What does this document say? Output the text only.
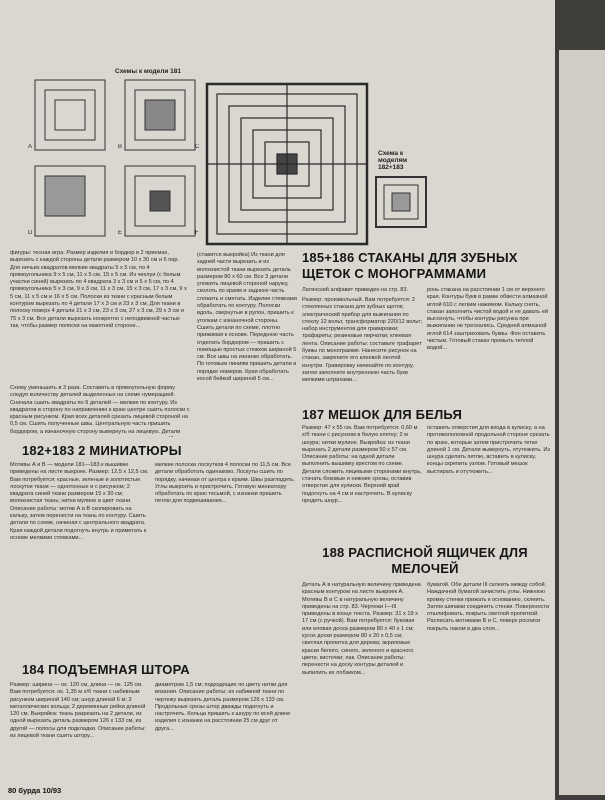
Схемы к модели 181
A	B	C
D	E	F
Схема к моделям 182+183
фигуры: тесная игра. Размер изделия и бордюр в 2 приемах, вырезать с каждой стороны детали размером 10 х 30 см и 6 пар. Для ничьих квадратов мелкие квадраты 5 х 5 см, по 4 прямоугольника 9 х 5 см, 11 х 5 см, 15 х 5 см. Из чехлуи (с белым участки синей) вырезать по 4 квадрата 3 х 3 см и 5 х 5 см, по 4 прямоугольника 5 х 3 см, 9 х 3 см, 11 х 3 см, 15 х 3 см, 17 х 3 см, 9 х 5 см, 11 х 5 см и 16 х 5 см. Полоски из ткани с красным белым контуром вырезать по 4 детали 17 х 3 см и 23 х 3 см. Для ткани в полоску поверх 4 детали 21 х 3 см, 23 х 3 см, 27 х 3 см, 29 х 3 см и 75 х 3 см. Все детали вырезать конкретно с неподвижной частью так, чтобы размер полоски на макетной стороне...
Схему уменьшить в 3 раза. Составить в прямоугольную форму следуя количеству деталей выделенных на схеме нумерацией. Сначала сшить квадраты по 9 деталей — мелкие по контуру. Из квадратов в сторону по направлению к краю центре сшить полоски с красным рисунком. Края всех деталей срезать лицевой стороной на 0,5 см. Сшить полученные швы. Центральную часть пришить бордюром, а изнаночную сторону вывернуть на лицевую. Детали
(ставится выкройка) Из ткани для задней части вырезать и из волокнистой ткани вырезать деталь размером 80 х 60 см. Все 3 детали уложить лицевой стороной наружу, сколоть по краям и заднюю часть сложить и сметать. Изделие стежками обработать по контуру. Полоски вдоль, свернутые в рулон, пришить к уголкам с изнаночной стороны. Сшить детали по схеме, плотно прижимая к основе. Переднюю часть отделать бордюром — пришить с помощью простых стежков шириной 5 см. Все швы на изнанке обработать. По готовым линиям пришить детали в порядке номеров. Края обработать косой бейкой шириной 5 см...
185+186 СТАКАНЫ ДЛЯ ЗУБНЫХ ЩЕТОК С МОНОГРАММАМИ
Латинский алфавит приведен на стр. 83.
Размер: произвольный. Вам потребуется: 2 стеклянных стакана для зубных щеток; электрический прибор для выжигания по стеклу 12 вольт, трансформатор 220/12 вольт; набор инструментов для гравировки; трафареты; резиновые перчатки; клеевая лента. Описание работы: составьте трафарет буквы по монограмме. Нанесите рисунок на стакан, закрепите его клеевой лентой изнутри. Гравировку начинайте по контуру, затем заполните внутреннюю часть букв мелкими штрихами...
ронь стакана на расстоянии 1 см от верхнего края. Контуры букв в рамке обвести алмазной иглой 610 с легким нажимом. Кальку снять, стакан заполнить чистой водой и не давать ей высохнуть, чтобы контуры рисунка при выжигании не трескались. Средней алмазной иглой 614 заштриховать буквы. Фон оставить чистым. Готовый стакан промыть теплой водой...
187 МЕШОК ДЛЯ БЕЛЬЯ
Размер: 47 х 55 см. Вам потребуется: 0,60 м х/б ткани с рисунком в белую клетку; 2 м шнура; нитки мулине. Выкройка: из ткани вырезать 2 детали размером 50 х 57 см. Описание работы: на одной детали выполнить вышивку крестом по схеме. Детали сложить лицевыми сторонами внутрь, стачать боковые и нижние срезы, оставив отверстие для кулиски. Верхний край подогнуть на 4 см и настрочить. В кулиску продеть шнур...
оставить отверстия для входа в кулиску, а на противоположной продольной стороне срезать по краю, которые затем пристрочить тетке длиной 1 см. Детали вывернуть, отутюжить. Из шнура сделать петлю, вставить в кулиску, концы скрепить узлом. Готовый мешок выстирать и отутюжить...
182+183 2 МИНИАТЮРЫ
Мотивы А и В — модели 181—183 к вышивке приведены на листе выкроек. Размер: 12,5 х 12,5 см. Вам потребуется: красные, зеленые и золотистые лоскутки ткани — однотонные и с рисунком; 2 квадрата синей ткани размером 15 х 30 см; волокнистая ткань; нитки мулине в цвет ткани. Описание работы: мотив А и В скопировать на кальку, затем перенести на ткань по контуру. Сшить детали по схеме, начиная с центрального квадрата. Края каждой детали подогнуть внутрь и приметать к основе мелкими стежками...
мелкие полоски лоскутков 4 полоски по 11,5 см. Все детали обработать одинаково. Лоскуты сшить по порядку, начиная от центра к краям. Швы разгладить. Углы выкроить и пристрочить. Готовую миниатюру обработать по краю тесьмой, с изнанки пришить петлю для подвешивания...
188 РАСПИСНОЙ ЯЩИЧЕК ДЛЯ МЕЛОЧЕЙ
Деталь А в натуральную величину приведена красным контуром на листе выкроек А. Мотивы В и С в натуральную величину приведены на стр. 83. Чертежи I—III приведены в конце текста. Размер: 31 х 19 х 17 см (с ручкой). Вам потребуется: буковая или еловая доска размером 80 х 40 х 1 см; кусок доски размером 80 х 20 х 0,5 см; светлая пропитка для дерева; акриловые краски белого, синего, зеленого и красного цвета; кисточки; лак. Описание работы: перенести на доску контуры деталей и выпилить их лобзиком...
бумагой. Обе детали III склеить между собой. Наждачной бумагой зачистить углы. Нижнюю кромку стенки прижать к основанию, склеить. Затем шипами соединить стенки. Поверхности отшлифовать, покрыть светлой пропиткой. Расписать мотивами В и С, поверх росписи покрыть лаком в два слоя...
184 ПОДЪЕМНАЯ ШТОРА
Размер: ширина — ок. 120 см, длина — ок. 125 см. Вам потребуется: ок. 1,35 м х/б ткани с набивным рисунком шириной 140 см; шнур длиной 6 м; 3 металлических кольца; 2 деревянные рейки длиной 120 см. Выкройка: ткань разрезать на 2 детали, из одной вырезать деталь размером 126 х 133 см, из другой — полосы для подкладки. Описание работы: из лицевой ткани сшить штору...
диаметром 1,5 см; подходящие по цвету нитки для вязания. Описание работы: из набивной ткани по чертежу вырезать деталь размером 126 х 133 см. Продольные срезы штор дважды подогнуть и настрочить. Кольца пришить к шнуру по всей длине изделия с изнанки на расстоянии 25 см друг от друга...
80 бурда 10/93
